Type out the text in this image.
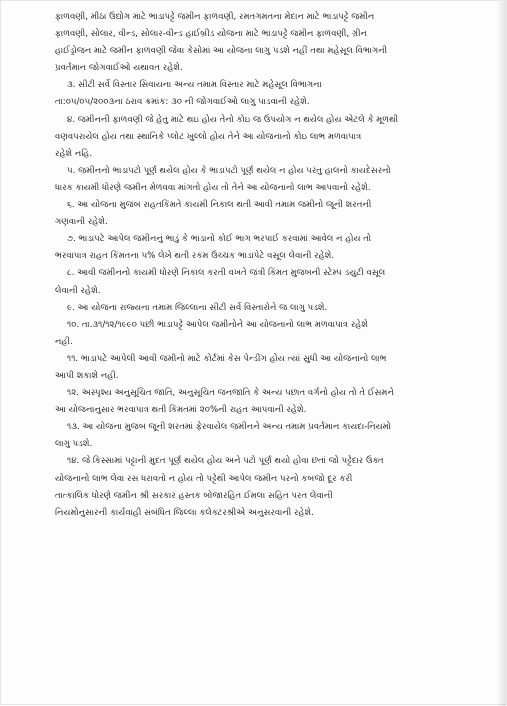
ફાળવણી, મીઠા ઉદ્યોગ માટે ભાડાપટ્ટે જમીન ફાળવણી, રમતગમતના મેદાન માટે ભાડાપટ્ટે જમીન
ફાળવણી, સોલાર, વીન્ડ, સોલાર-વીન્ડ હાઈબ્રીડ યોજના માટે ભાડાપટ્ટે જમીન ફાળવણી, ગ્રીન
હાઈડ્રોજન માટે જમીન ફાળવણી જેવા કેસોમાં આ યોજના લાગુ પડશે નહીં તથા મહેસૂલ વિભાગની
પ્રવર્તમાન જોગવાઈઓ યથાવત રહેશે.
૩. સીટી સર્વે વિસ્તાર સિવાયના અન્ય તમામ વિસ્તાર માટે મહેસૂલ વિભાગના
તા:૦૫/૦૫/૨૦૦૩ના ઠરાવ ક્રમાંક: ૩૦ ની જોગવાઈઓ લાગુ પાડવાની રહેશે.
૪. જમીનની ફાળવણી જે હેતુ માટે થઇ હોય તેનો કોઇ જ ઉપયોગ ન થયેલ હોય એટલે કે મૂળથી
વણવપરાયેલ હોય તથા સ્થાનિકે પ્લોટ ખુલ્લો હોય તેને આ યોજનાનો કોઇ લાભ મળવાપાત્ર
રહેશે નહિ.
૫. જમીનનો ભાડાપટો પૂર્ણ થયેલ હોય કે ભાડાપટો પૂર્ણ થયેલ ન હોય પરંતુ હાલનો કાયદેસરનો
ધારક કાયમી ધોરણે જમીન મેળવવા માંગતો હોય તો તેને આ યોજનાનો લાભ આપવાનો રહેશે.
૬. આ યોજના મુજબ રાહતકિંમતે કાયમી નિકાલ થતી આવી તમામ જમીનો જૂની શરતની
ગણવાની રહેશે.
૭. ભાડાપટે આપેલ જમીનનું ભાડું કે ભાડાનો કોઈ ભાગ ભરપાઈ કરવામાં આવેલ ન હોય તો
ભરવાપાત્ર રાહત કિંમતના ૫% લેખે થતી રકમ ઉચ્ચક ભાડાપેટે વસૂલ લેવાની રહેશે.
૮. આવી જમીનનો કાયમી ધોરણે નિકાલ કરતી વખતે જંત્રી કિંમત મુજબની સ્ટેમ્પ ડયુટી વસૂલ
લેવાની રહેશે.
૯. આ યોજના રાજ્યના તમામ જિલ્લાના સીટી સર્વે વિસ્તારોને જ લાગુ પડશે.
૧૦. તા.૩૧/૧૨/૧૯૯૦ પછી ભાડાપટ્ટે આપેલ જમીનોને આ યોજનાનો લાભ મળવાપાત્ર રહેશે
નહી.
૧૧. ભાડાપટે આપેલી આવી જમીનો માટે કોર્ટમાં કેસ પેન્ડીંગ હોય ત્યાં સુધી આ યોજનાનો લાભ
આપી શકાશે નહી.
૧૨. અસ્પૃશ્ય અનુસૂચિત જાતિ, અનુસૂચિત જનજાતિ કે અન્ય પછાત વર્ગનો હોય તો તે ઈસમને
આ યોજનાનુસાર ભરવાપાત્ર થતી કિંમતમાં ૨૦%ની રાહત આપવાની રહેશે.
૧૩. આ યોજના મુજબ જૂની શરતમાં ફેરવાયેલ જમીનને અન્ય તમામ પ્રવર્તમાન કાયદા-નિયમો
લાગુ પડશે.
૧૪. જે કિસ્સામાં પટ્ટાની મુદત પૂર્ણ થયેલ હોય અને પટો પૂર્ણ થયો હોવા છતાં જો પટ્ટેદાર ઉક્ત
યોજનાનો લાભ લેવા રસ ધરાવતો ન હોય તો પટ્ટેથી આપેલ જમીન પરનો કબજો દૂર કરી
તાત્કાલિક ધોરણે જમીન શ્રી સરકાર હસ્તક બોજારહિત ઈમલા સહિત પરત લેવાની
નિયમોનુસારની કાર્યવાહી સંબંધિત જિલ્લા કલેક્ટરશ્રીએ અનુસરવાની રહેશે.
